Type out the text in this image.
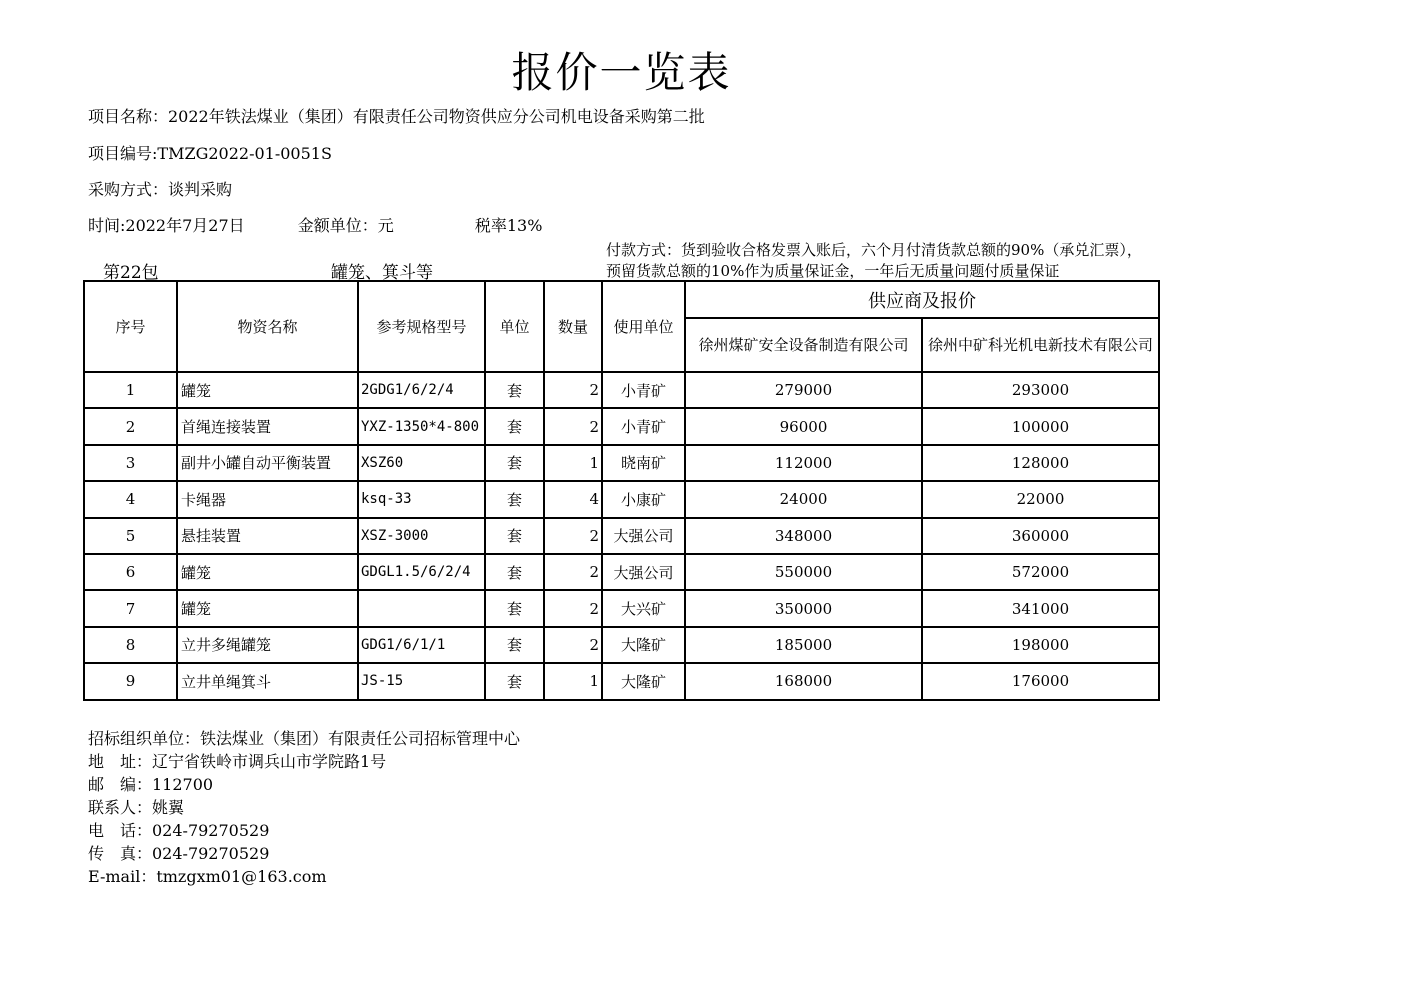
报价一览表
项目名称：2022年铁法煤业（集团）有限责任公司物资供应分公司机电设备采购第二批
项目编号:TMZG2022-01-0051S
采购方式：谈判采购
时间:2022年7月27日	金额单位：元	税率13%
第22包	罐笼、箕斗等
付款方式：货到验收合格发票入账后，六个月付清货款总额的90%（承兑汇票），预留货款总额的10%作为质量保证金，一年后无质量问题付质量保证
序号	物资名称	参考规格型号	单位	数量	使用单位	供应商及报价	
						徐州煤矿安全设备制造有限公司	徐州中矿科光机电新技术有限公司
1	罐笼	2GDG1/6/2/4	套	2	小青矿	279000	293000
2	首绳连接装置	YXZ-1350*4-800	套	2	小青矿	96000	100000
3	副井小罐自动平衡装置	XSZ60	套	1	晓南矿	112000	128000
4	卡绳器	ksq-33	套	4	小康矿	24000	22000
5	悬挂装置	XSZ-3000	套	2	大强公司	348000	360000
6	罐笼	GDGL1.5/6/2/4	套	2	大强公司	550000	572000
7	罐笼		套	2	大兴矿	350000	341000
8	立井多绳罐笼	GDG1/6/1/1	套	2	大隆矿	185000	198000
9	立井单绳箕斗	JS-15	套	1	大隆矿	168000	176000
招标组织单位：铁法煤业（集团）有限责任公司招标管理中心
地　址：辽宁省铁岭市调兵山市学院路1号
邮　编：112700
联系人：姚翼
电　话：024-79270529
传　真：024-79270529
E-mail：tmzgxm01@163.com
